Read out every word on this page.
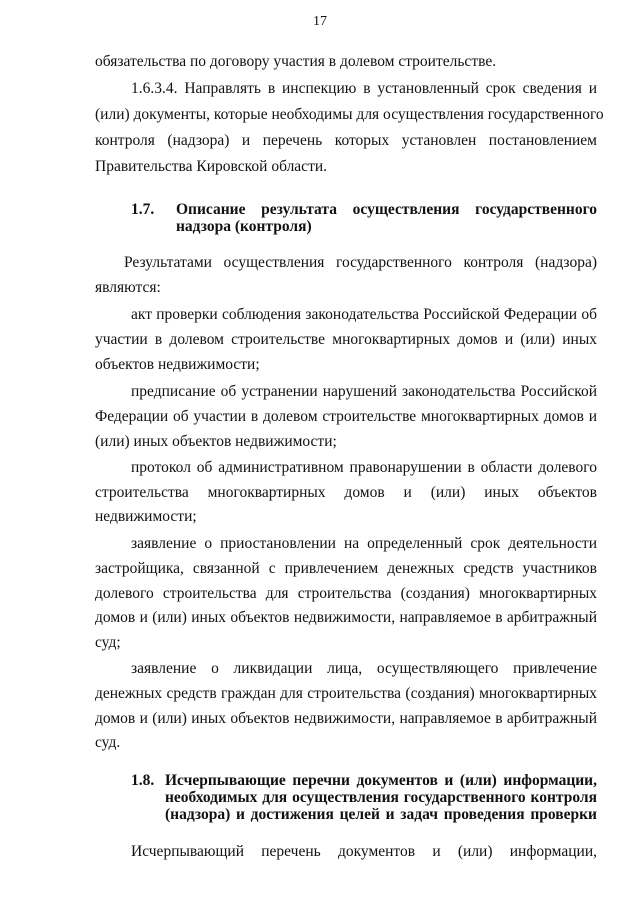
17
обязательства по договору участия в долевом строительстве.
1.6.3.4. Направлять в инспекцию в установленный срок сведения и
(или) документы, которые необходимы для осуществления государственного
контроля (надзора) и перечень которых установлен постановлением
Правительства Кировской области.
1.7. Описание результата осуществления государственного
надзора (контроля)
Результатами осуществления государственного контроля (надзора)
являются:
акт проверки соблюдения законодательства Российской Федерации об
участии в долевом строительстве многоквартирных домов и (или) иных
объектов недвижимости;
предписание об устранении нарушений законодательства Российской
Федерации об участии в долевом строительстве многоквартирных домов и
(или) иных объектов недвижимости;
протокол об административном правонарушении в области долевого
строительства многоквартирных домов и (или) иных объектов
недвижимости;
заявление о приостановлении на определенный срок деятельности
застройщика, связанной с привлечением денежных средств участников
долевого строительства для строительства (создания) многоквартирных
домов и (или) иных объектов недвижимости, направляемое в арбитражный
суд;
заявление о ликвидации лица, осуществляющего привлечение
денежных средств граждан для строительства (создания) многоквартирных
домов и (или) иных объектов недвижимости, направляемое в арбитражный
суд.
1.8. Исчерпывающие перечни документов и (или) информации,
необходимых для осуществления государственного контроля
(надзора) и достижения целей и задач проведения проверки
Исчерпывающий перечень документов и (или) информации,
